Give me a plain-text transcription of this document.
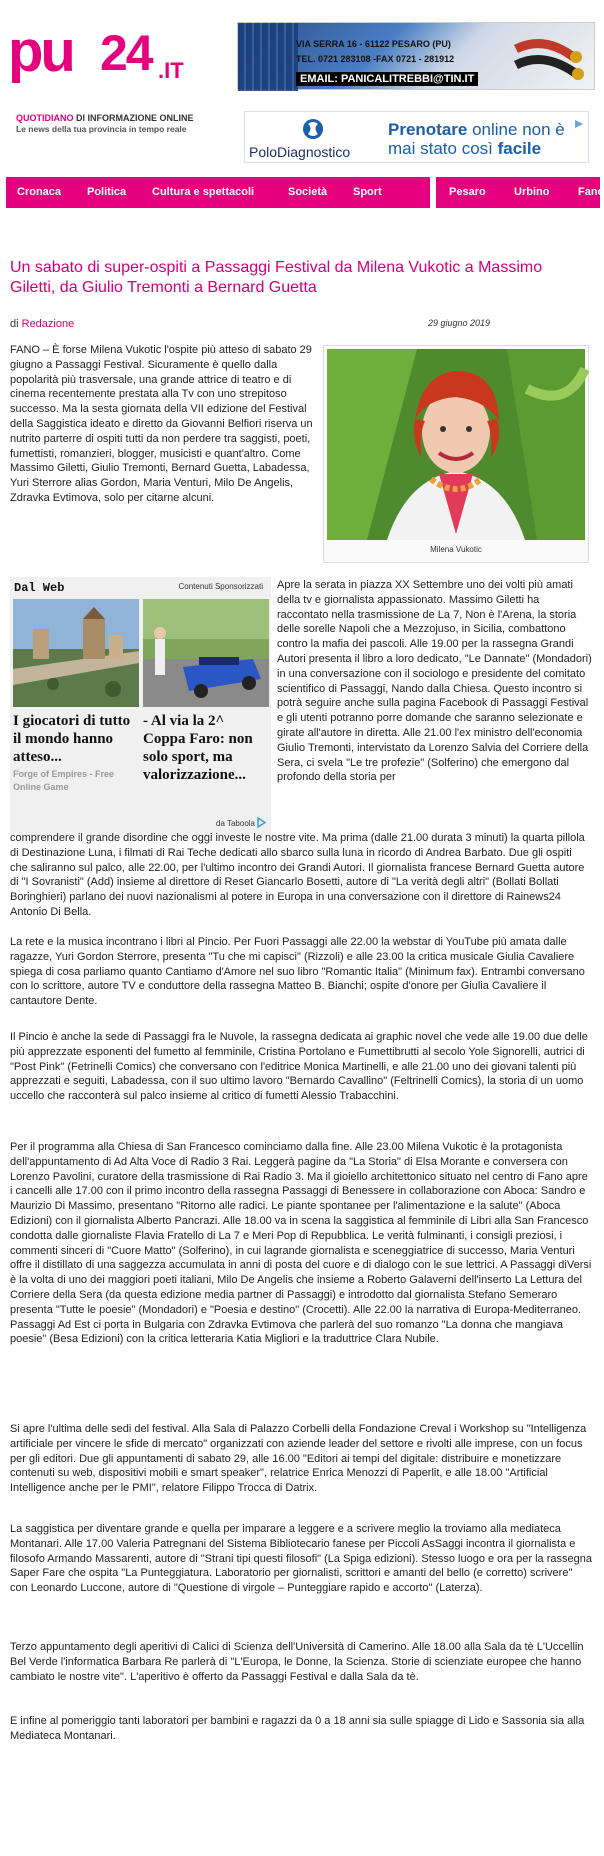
pu 24 .IT
QUOTIDIANO DI INFORMAZIONE ONLINE
Le news della tua provincia in tempo reale
VIA SERRA 16 - 61122 PESARO (PU)
TEL. 0721 283108 -FAX 0721 - 281912
EMAIL: PANICALITREBBI@TIN.IT
PoloDiagnostico
Prenotare online non è
mai stato così facile
Cronaca Politica Cultura e spettacoli	Società Sport	Pesaro	Urbino	Fano
Un sabato di super-ospiti a Passaggi Festival da Milena Vukotic a Massimo Giletti, da Giulio Tremonti a Bernard Guetta
di Redazione	29 giugno 2019

FANO – È forse Milena Vukotic l'ospite più atteso di sabato 29 giugno a Passaggi Festival. Sicuramente è quello dalla popolarità più trasversale, una grande attrice di teatro e di cinema recentemente prestata alla Tv con uno strepitoso successo. Ma la sesta giornata della VII edizione del Festival della Saggistica ideato e diretto da Giovanni Belfiori riserva un nutrito parterre di ospiti tutti da non perdere tra saggisti, poeti, fumettisti, romanzieri, blogger, musicisti e quant'altro. Come Massimo Giletti, Giulio Tremonti, Bernard Guetta, Labadessa, Yuri Sterrore alias Gordon, Maria Venturi, Milo De Angelis, Zdravka Evtimova, solo per citarne alcuni.

Milena Vukotic
Dal Web	Contenuti Sponsorizzati
I giocatori di tutto il mondo hanno atteso...
- Al via la 2^ Coppa Faro: non solo sport, ma valorizzazione...
Forge of Empires - Free Online Game
da Taboola

Apre la serata in piazza XX Settembre uno dei volti più amati della tv e giornalista appassionato. Massimo Giletti ha raccontato nella trasmissione de La 7, Non è l'Arena, la storia delle sorelle Napoli che a Mezzojuso, in Sicilia, combattono contro la mafia dei pascoli. Alle 19.00 per la rassegna Grandi Autori presenta il libro a loro dedicato, "Le Dannate" (Mondadori) in una conversazione con il sociologo e presidente del comitato scientifico di Passaggi, Nando dalla Chiesa. Questo incontro si potrà seguire anche sulla pagina Facebook di Passaggi Festival e gli utenti potranno porre domande che saranno selezionate e girate all'autore in diretta. Alle 21.00 l'ex ministro dell'economia Giulio Tremonti, intervistato da Lorenzo Salvia del Corriere della Sera, ci svela "Le tre profezie" (Solferino) che emergono dal profondo della storia per

comprendere il grande disordine che oggi investe le nostre vite. Ma prima (dalle 21.00 durata 3 minuti) la quarta pillola di Destinazione Luna, i filmati di Rai Teche dedicati allo sbarco sulla luna in ricordo di Andrea Barbato. Due gli ospiti che saliranno sul palco, alle 22.00, per l'ultimo incontro dei Grandi Autori. Il giornalista francese Bernard Guetta autore di "I Sovranisti" (Add) insieme al direttore di Reset Giancarlo Bosetti, autore di "La verità degli altri" (Bollati Bollati Boringhieri) parlano dei nuovi nazionalismi al potere in Europa in una conversazione con il direttore di Rainews24 Antonio Di Bella.

La rete e la musica incontrano i libri al Pincio. Per Fuori Passaggi alle 22.00 la webstar di YouTube più amata dalle ragazze, Yuri Gordon Sterrore, presenta "Tu che mi capisci" (Rizzoli) e alle 23.00 la critica musicale Giulia Cavaliere spiega di cosa parliamo quanto Cantiamo d'Amore nel suo libro "Romantic Italia" (Minimum fax). Entrambi conversano con lo scrittore, autore TV e conduttore della rassegna Matteo B. Bianchi; ospite d'onore per Giulia Cavaliere il cantautore Dente.

Il Pincio è anche la sede di Passaggi fra le Nuvole, la rassegna dedicata ai graphic novel che vede alle 19.00 due delle più apprezzate esponenti del fumetto al femminile, Cristina Portolano e Fumettibrutti al secolo Yole Signorelli, autrici di "Post Pink" (Fetrinelli Comics) che conversano con l'editrice Monica Martinelli, e alle 21.00 uno dei giovani talenti più apprezzati e seguiti, Labadessa, con il suo ultimo lavoro "Bernardo Cavallino" (Feltrinelli Comics), la storia di un uomo uccello che racconterà sul palco insieme al critico di fumetti Alessio Trabacchini.

Per il programma alla Chiesa di San Francesco cominciamo dalla fine. Alle 23.00 Milena Vukotic è la protagonista dell'appuntamento di Ad Alta Voce di Radio 3 Rai. Leggerà pagine da "La Storia" di Elsa Morante e conversera con Lorenzo Pavolini, curatore della trasmissione di Rai Radio 3. Ma il gioiello architettonico situato nel centro di Fano apre i cancelli alle 17.00 con il primo incontro della rassegna Passaggi di Benessere in collaborazione con Aboca: Sandro e Maurizio Di Massimo, presentano "Ritorno alle radici. Le piante spontanee per l'alimentazione e la salute" (Aboca Edizioni) con il giornalista Alberto Pancrazi. Alle 18.00 va in scena la saggistica al femminile di Libri alla San Francesco condotta dalle giornaliste Flavia Fratello di La 7 e Meri Pop di Repubblica. Le verità fulminanti, i consigli preziosi, i commenti sinceri di "Cuore Matto" (Solferino), in cui lagrande giornalista e sceneggiatrice di successo, Maria Venturi offre il distillato di una saggezza accumulata in anni di posta del cuore e di dialogo con le sue lettrici. A Passaggi diVersi è la volta di uno dei maggiori poeti italiani, Milo De Angelis che insieme a Roberto Galaverni dell'inserto La Lettura del Corriere della Sera (da questa edizione media partner di Passaggi) e introdotto dal giornalista Stefano Semeraro presenta "Tutte le poesie" (Mondadori) e "Poesia e destino" (Crocetti). Alle 22.00 la narrativa di Europa-Mediterraneo. Passaggi Ad Est ci porta in Bulgaria con Zdravka Evtimova che parlerà del suo romanzo "La donna che mangiava poesie" (Besa Edizioni) con la critica letteraria Katia Migliori e la traduttrice Clara Nubile.

Si apre l'ultima delle sedi del festival. Alla Sala di Palazzo Corbelli della Fondazione Creval i Workshop su "Intelligenza artificiale per vincere le sfide di mercato" organizzati con aziende leader del settore e rivolti alle imprese, con un focus per gli editori. Due gli appuntamenti di sabato 29, alle 16.00 "Editori ai tempi del digitale: distribuire e monetizzare contenuti su web, dispositivi mobili e smart speaker", relatrice Enrica Menozzi di Paperlit, e alle 18.00 "Artificial Intelligence anche per le PMI", relatore Filippo Trocca di Datrix.

La saggistica per diventare grande e quella per imparare a leggere e a scrivere meglio la troviamo alla mediateca Montanari. Alle 17.00 Valeria Patregnani del Sistema Bibliotecario fanese per Piccoli AsSaggi incontra il giornalista e filosofo Armando Massarenti, autore di "Strani tipi questi filosofi" (La Spiga edizioni). Stesso luogo e ora per la rassegna Saper Fare che ospita "La Punteggiatura. Laboratorio per giornalisti, scrittori e amanti del bello (e corretto) scrivere" con Leonardo Luccone, autore di "Questione di virgole – Punteggiare rapido e accorto" (Laterza).

Terzo appuntamento degli aperitivi di Calici di Scienza dell'Università di Camerino. Alle 18.00 alla Sala da tè L'Uccellin Bel Verde l'informatica Barbara Re parlerà di "L'Europa, le Donne, la Scienza. Storie di scienziate europee che hanno cambiato le nostre vite". L'aperitivo è offerto da Passaggi Festival e dalla Sala da tè.

E infine al pomeriggio tanti laboratori per bambini e ragazzi da 0 a 18 anni sia sulle spiagge di Lido e Sassonia sia alla Mediateca Montanari.
